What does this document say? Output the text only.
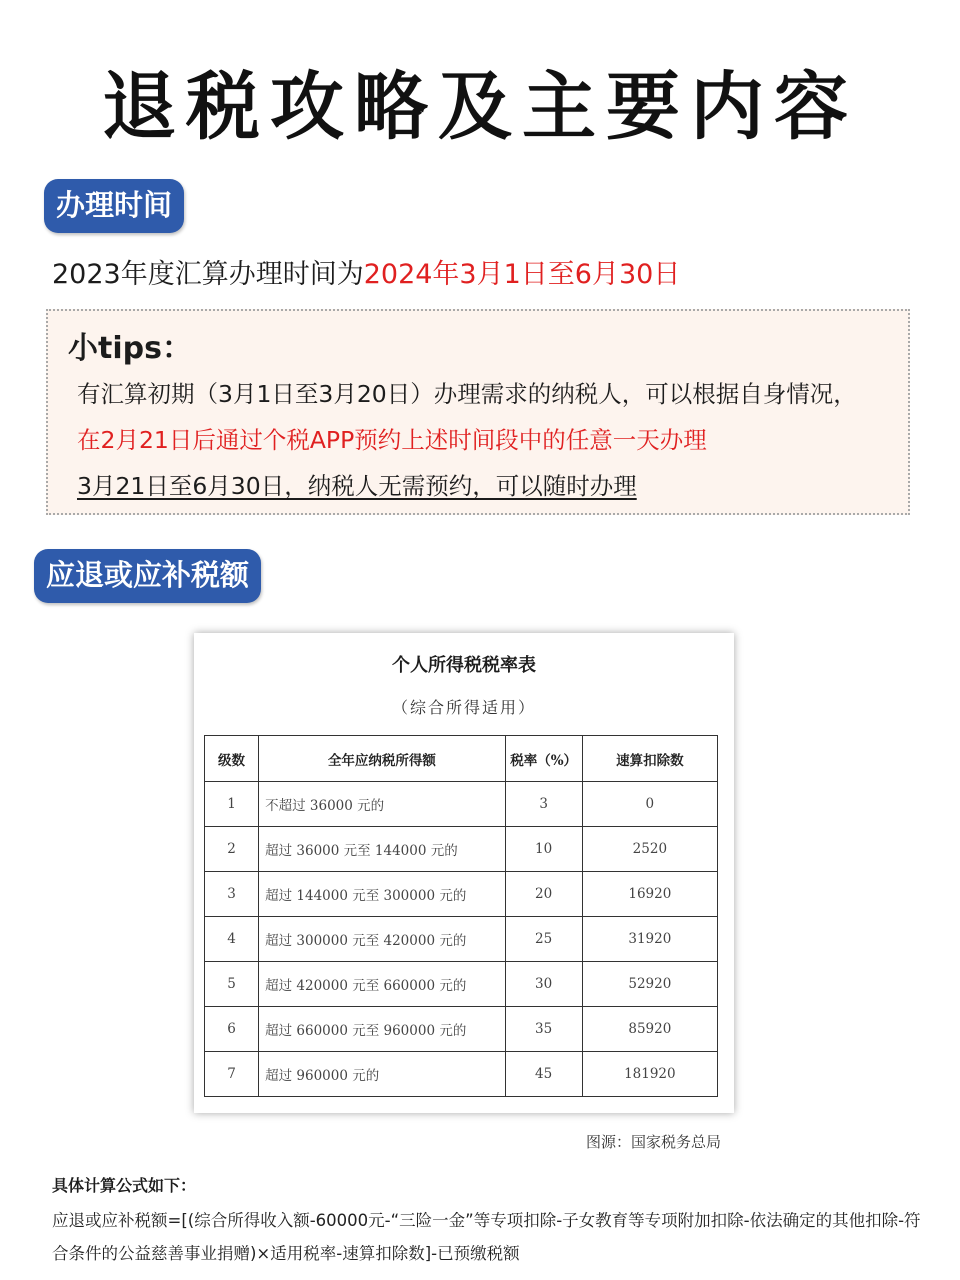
退税攻略及主要内容
办理时间
2023年度汇算办理时间为2024年3月1日至6月30日
小tips：
有汇算初期（3月1日至3月20日）办理需求的纳税人，可以根据自身情况，
在2月21日后通过个税APP预约上述时间段中的任意一天办理
3月21日至6月30日，纳税人无需预约，可以随时办理
应退或应补税额
个人所得税税率表
（综合所得适用）
级数	全年应纳税所得额	税率（%）	速算扣除数
1	不超过 36000 元的	3	0
2	超过 36000 元至 144000 元的	10	2520
3	超过 144000 元至 300000 元的	20	16920
4	超过 300000 元至 420000 元的	25	31920
5	超过 420000 元至 660000 元的	30	52920
6	超过 660000 元至 960000 元的	35	85920
7	超过 960000 元的	45	181920
图源：国家税务总局
具体计算公式如下：
应退或应补税额=[(综合所得收入额-60000元-“三险一金”等专项扣除-子女教育等专项附加扣除-依法确定的其他扣除-符合条件的公益慈善事业捐赠)×适用税率-速算扣除数]-已预缴税额
